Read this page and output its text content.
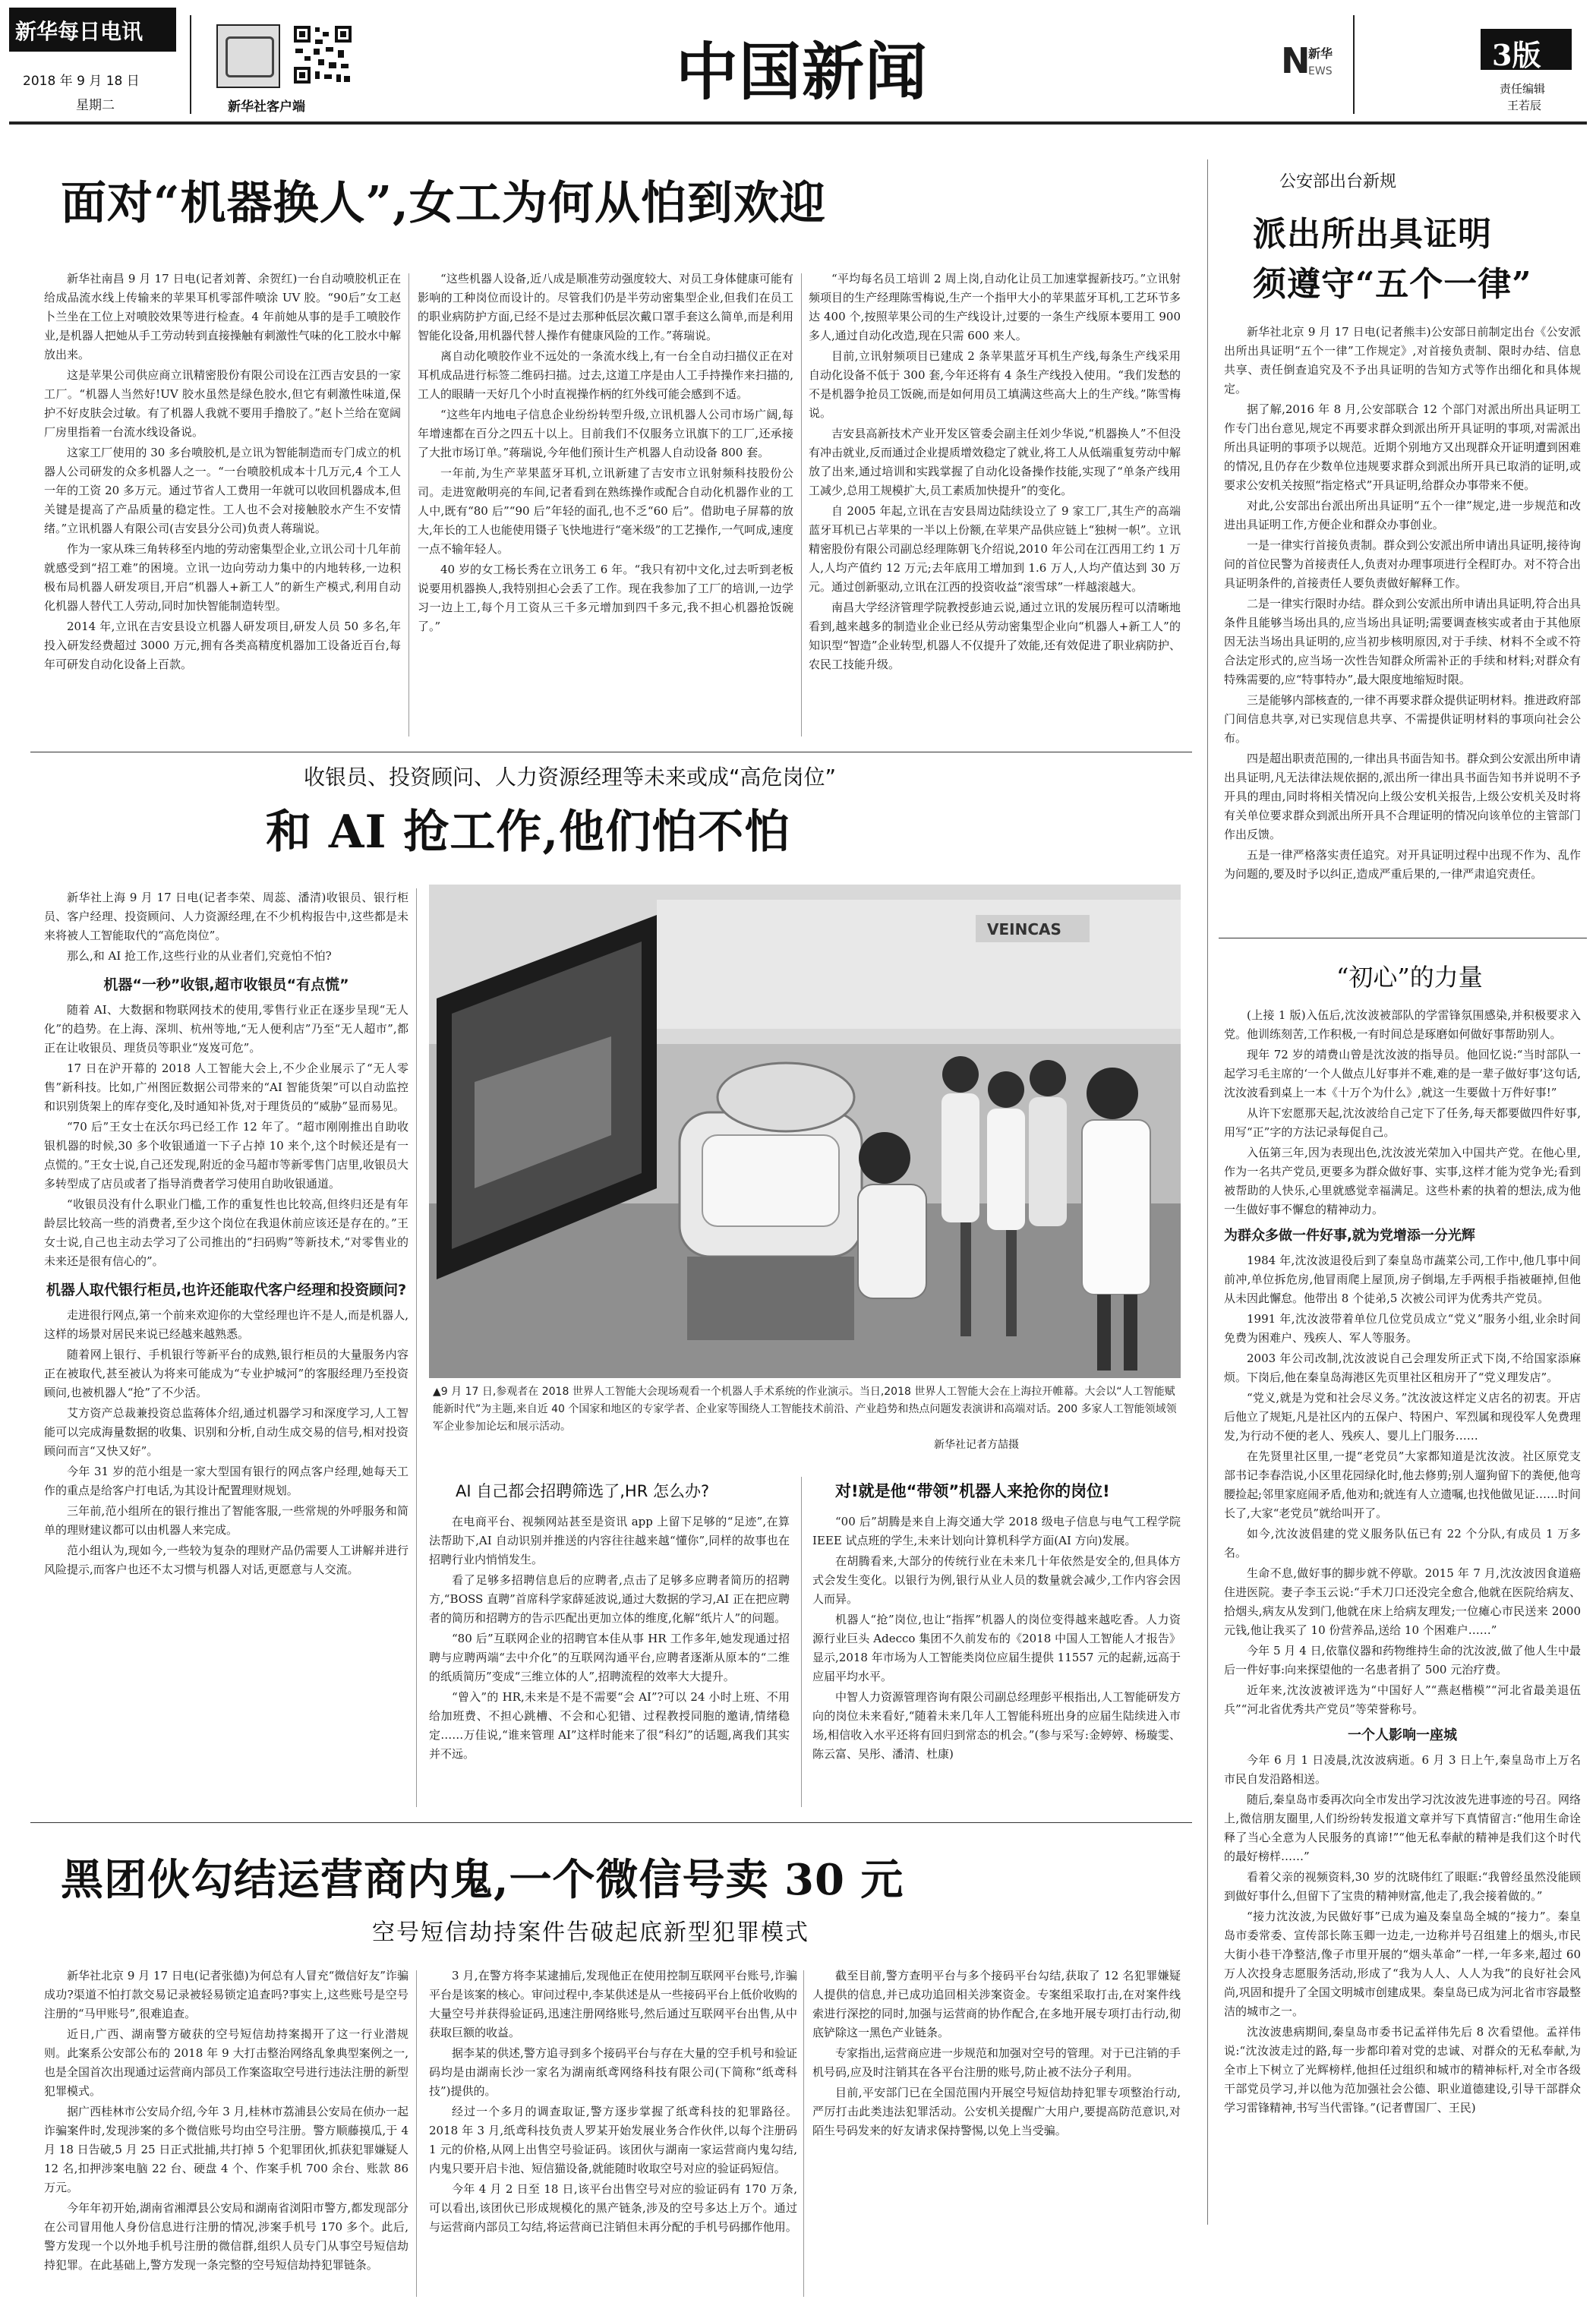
新华每日电讯
2018 年 9 月 18 日
星期二	新华社客户端	中国新闻	N
新华
EWS	3版
责任编辑
王若辰
面对“机器换人”,女工为何从怕到欢迎

新华社南昌 9 月 17 日电(记者刘菁、余贺红)一台自动喷胶机正在给成品流水线上传输来的苹果耳机零部件喷涂 UV 胶。“90后”女工赵卜兰坐在工位上对喷胶效果等进行检查。4 年前她从事的是手工喷胶作业,是机器人把她从手工劳动转到直接操触有刺激性气味的化工胶水中解放出来。

这是苹果公司供应商立讯精密股份有限公司设在江西吉安县的一家工厂。“机器人当然好!UV 胶水虽然是绿色胶水,但它有刺激性味道,保护不好皮肤会过敏。有了机器人我就不要用手撸胶了。”赵卜兰给在宽阔厂房里指着一台流水线设备说。

这家工厂使用的 30 多台喷胶机,是立讯为智能制造而专门成立的机器人公司研发的众多机器人之一。“一台喷胶机成本十几万元,4 个工人一年的工资 20 多万元。通过节省人工费用一年就可以收回机器成本,但关键是提高了产品质量的稳定性。工人也不会对接触胶水产生不安情绪。”立讯机器人有限公司(吉安县分公司)负责人蒋瑞说。

作为一家从珠三角转移至内地的劳动密集型企业,立讯公司十几年前就感受到“招工难”的困境。立讯一边向劳动力集中的内地转移,一边积极布局机器人研发项目,开启“机器人+新工人”的新生产模式,利用自动化机器人替代工人劳动,同时加快智能制造转型。

2014 年,立讯在吉安县设立机器人研发项目,研发人员 50 多名,年投入研发经费超过 3000 万元,拥有各类高精度机器加工设备近百台,每年可研发自动化设备上百款。

“这些机器人设备,近八成是顺准劳动强度较大、对员工身体健康可能有影响的工种岗位而设计的。尽管我们仍是半劳动密集型企业,但我们在员工的职业病防护方面,已经不是过去那种低层次戴口罩手套这么简单,而是利用智能化设备,用机器代替人操作有健康风险的工作。”蒋瑞说。

离自动化喷胶作业不远处的一条流水线上,有一台全自动扫描仪正在对耳机成品进行标签二维码扫描。过去,这道工序是由人工手持操作来扫描的,工人的眼睛一天好几个小时直视操作柄的红外线可能会感到不适。

“这些年内地电子信息企业纷纷转型升级,立讯机器人公司市场广阔,每年增速都在百分之四五十以上。目前我们不仅服务立讯旗下的工厂,还承接了大批市场订单。”蒋瑞说,今年他们预计生产机器人自动设备 800 套。

一年前,为生产苹果蓝牙耳机,立讯新建了吉安市立讯射频科技股份公司。走进宽敞明亮的车间,记者看到在熟练操作或配合自动化机器作业的工人中,既有“80 后”“90 后”年轻的面孔,也不乏“60 后”。借助电子屏幕的放大,年长的工人也能使用镊子飞快地进行“毫米级”的工艺操作,一气呵成,速度一点不输年轻人。

40 岁的女工杨长秀在立讯务工 6 年。“我只有初中文化,过去听到老板说要用机器换人,我特别担心会丢了工作。现在我参加了工厂的培训,一边学习一边上工,每个月工资从三千多元增加到四千多元,我不担心机器抢饭碗了。”

“平均每名员工培训 2 周上岗,自动化让员工加速掌握新技巧。”立讯射频项目的生产经理陈雪梅说,生产一个指甲大小的苹果蓝牙耳机,工艺环节多达 400 个,按照苹果公司的生产线设计,过要的一条生产线原本要用工 900 多人,通过自动化改造,现在只需 600 来人。

目前,立讯射频项目已建成 2 条苹果蓝牙耳机生产线,每条生产线采用自动化设备不低于 300 套,今年还将有 4 条生产线投入使用。“我们发愁的不是机器争抢员工饭碗,而是如何用员工填满这些高大上的生产线。”陈雪梅说。

吉安县高新技术产业开发区管委会副主任刘少华说,“机器换人”不但没有冲击就业,反而通过企业提质增效稳定了就业,将工人从低端重复劳动中解放了出来,通过培训和实践掌握了自动化设备操作技能,实现了“单条产线用工减少,总用工规模扩大,员工素质加快提升”的变化。

自 2005 年起,立讯在吉安县周边陆续设立了 9 家工厂,其生产的高端蓝牙耳机已占苹果的一半以上份额,在苹果产品供应链上“独树一帜”。立讯精密股份有限公司副总经理陈朝飞介绍说,2010 年公司在江西用工约 1 万人,人均产值约 12 万元;去年底用工增加到 1.6 万人,人均产值达到 30 万元。通过创新驱动,立讯在江西的投资收益“滚雪球”一样越滚越大。

南昌大学经济管理学院教授彭迪云说,通过立讯的发展历程可以清晰地看到,越来越多的制造业企业已经从劳动密集型企业向“机器人+新工人”的知识型“智造”企业转型,机器人不仅提升了效能,还有效促进了职业病防护、农民工技能升级。

收银员、投资顾问、人力资源经理等未来或成“高危岗位”
和 AI 抢工作,他们怕不怕

新华社上海 9 月 17 日电(记者李荣、周蕊、潘清)收银员、银行柜员、客户经理、投资顾问、人力资源经理,在不少机构报告中,这些都是未来将被人工智能取代的“高危岗位”。

那么,和 AI 抢工作,这些行业的从业者们,究竟怕不怕?

机器“一秒”收银,超市收银员“有点慌”

随着 AI、大数据和物联网技术的使用,零售行业正在逐步呈现“无人化”的趋势。在上海、深圳、杭州等地,“无人便利店”乃至“无人超市”,都正在让收银员、理货员等职业“岌岌可危”。

17 日在沪开幕的 2018 人工智能大会上,不少企业展示了“无人零售”新科技。比如,广州图匠数据公司带来的“AI 智能货架”可以自动监控和识别货架上的库存变化,及时通知补货,对于理货员的“威胁”显而易见。

“70 后”王女士在沃尔玛已经工作 12 年了。“超市刚刚推出自助收银机器的时候,30 多个收银通道一下子占掉 10 来个,这个时候还是有一点慌的。”王女士说,自己还发现,附近的金马超市等新零售门店里,收银员大多转型成了店员或者了指导消费者学习使用自助收银通道。

“收银员没有什么职业门槛,工作的重复性也比较高,但终归还是有年龄层比较高一些的消费者,至少这个岗位在我退休前应该还是存在的。”王女士说,自己也主动去学习了公司推出的“扫码购”等新技术,“对零售业的未来还是很有信心的”。

机器人取代银行柜员,也许还能取代客户经理和投资顾问?

走进很行网点,第一个前来欢迎你的大堂经理也许不是人,而是机器人,这样的场景对居民来说已经越来越熟悉。

随着网上银行、手机银行等新平台的成熟,银行柜员的大量服务内容正在被取代,甚至被认为将来可能成为“专业护城河”的客服经理乃至投资顾问,也被机器人“抢”了不少活。

艾方资产总裁兼投资总监蒋体介绍,通过机器学习和深度学习,人工智能可以完成海量数据的收集、识别和分析,自动生成交易的信号,相对投资顾问而言“又快又好”。

今年 31 岁的范小组是一家大型国有银行的网点客户经理,她每天工作的重点是给客户打电话,为其设计配置理财规划。

三年前,范小组所在的银行推出了智能客服,一些常规的外呼服务和简单的理财建议都可以由机器人来完成。

范小组认为,现如今,一些较为复杂的理财产品仍需要人工讲解并进行风险提示,而客户也还不太习惯与机器人对话,更愿意与人交流。

VEINCAS
▲9 月 17 日,参观者在 2018 世界人工智能大会现场观看一个机器人手术系统的作业演示。当日,2018 世界人工智能大会在上海拉开帷幕。大会以“人工智能赋能新时代”为主题,来自近 40 个国家和地区的专家学者、企业家等围绕人工智能技术前沿、产业趋势和热点问题发表演讲和高端对话。200 多家人工智能领域领军企业参加论坛和展示活动。
新华社记者方喆摄
AI 自己都会招聘筛选了,HR 怎么办?	对!就是他“带领”机器人来抢你的岗位!

在电商平台、视频网站甚至是资讯 app 上留下足够的“足迹”,在算法帮助下,AI 自动识别并推送的内容往往越来越“懂你”,同样的故事也在招聘行业内悄悄发生。

看了足够多招聘信息后的应聘者,点击了足够多应聘者简历的招聘方,“BOSS 直聘”首席科学家薛延波说,通过大数据的学习,AI 正在把应聘者的简历和招聘方的告示匹配出更加立体的维度,化解“纸片人”的问题。

“80 后”互联网企业的招聘官本佳从事 HR 工作多年,她发现通过招聘与应聘两端“去中介化”的互联网沟通平台,应聘者逐渐从原本的“二维的纸质简历”变成“三维立体的人”,招聘流程的效率大大提升。

“曾入”的 HR,未来是不是不需要“会 AI”?可以 24 小时上班、不用给加班费、不担心跳槽、不会和心犯错、过程教授同胞的邀请,情绪稳定……万佳说,“谁来管理 AI”这样时能来了很“科幻”的话题,离我们其实并不远。

“00 后”胡腾是来自上海交通大学 2018 级电子信息与电气工程学院 IEEE 试点班的学生,未来计划向计算机科学方面(AI 方向)发展。

在胡腾看来,大部分的传统行业在未来几十年依然是安全的,但具体方式会发生变化。以银行为例,银行从业人员的数量就会减少,工作内容会因人而异。

机器人“抢”岗位,也让“指挥”机器人的岗位变得越来越吃香。人力资源行业巨头 Adecco 集团不久前发布的《2018 中国人工智能人才报告》显示,2018 年市场为人工智能类岗位应届生提供 11557 元的起薪,远高于应届平均水平。

中智人力资源管理咨询有限公司副总经理彭平根指出,人工智能研发方向的岗位未来看好,“随着未来几年人工智能科班出身的应届生陆续进入市场,相信收入水平还将有回归到常态的机会。”(参与采写:金婷婷、杨璇雯、陈云富、吴彤、潘清、杜康)

黑团伙勾结运营商内鬼,一个微信号卖 30 元
空号短信劫持案件告破起底新型犯罪模式

新华社北京 9 月 17 日电(记者张德)为何总有人冒充“微信好友”诈骗成功?渠道不怕打款交易记录被轻易锁定追查吗?事实上,这些账号是空号注册的“马甲账号”,很难追查。

近日,广西、湖南警方破获的空号短信劫持案揭开了这一行业潜规则。此案系公安部公布的 2018 年 9 大打击整治网络乱象典型案例之一,也是全国首次出现通过运营商内部员工作案盗取空号进行违法注册的新型犯罪模式。

据广西桂林市公安局介绍,今年 3 月,桂林市荔浦县公安局在侦办一起诈骗案件时,发现涉案的多个微信账号均由空号注册。警方顺藤摸瓜,于 4 月 18 日告破,5 月 25 日正式批捕,共打掉 5 个犯罪团伙,抓获犯罪嫌疑人 12 名,扣押涉案电脑 22 台、硬盘 4 个、作案手机 700 余台、账款 86 万元。

今年年初开始,湖南省湘潭县公安局和湖南省浏阳市警方,都发现部分在公司冒用他人身份信息进行注册的情况,涉案手机号 170 多个。此后,警方发现一个以外地手机号注册的微信群,组织人员专门从事空号短信劫持犯罪。在此基础上,警方发现一条完整的空号短信劫持犯罪链条。

3 月,在警方将李某逮捕后,发现他正在使用控制互联网平台账号,诈骗平台是该案的核心。审问过程中,李某供述是从一些接码平台上低价收购的大量空号并获得验证码,迅速注册网络账号,然后通过互联网平台出售,从中获取巨额的收益。

据李某的供述,警方追寻到多个接码平台与存在大量的空手机号和验证码均是由湖南长沙一家名为湖南纸鸢网络科技有限公司(下简称“纸鸢科技”)提供的。

经过一个多月的调查取证,警方逐步掌握了纸鸢科技的犯罪路径。2018 年 3 月,纸鸢科技负责人罗某开始发展业务合作伙伴,以每个注册码 1 元的价格,从网上出售空号验证码。该团伙与湖南一家运营商内鬼勾结,内鬼只要开启卡池、短信猫设备,就能随时收取空号对应的验证码短信。

今年 4 月 2 日至 18 日,该平台出售空号对应的验证码有 170 万条,可以看出,该团伙已形成规模化的黑产链条,涉及的空号多达上万个。通过与运营商内部员工勾结,将运营商已注销但未再分配的手机号码挪作他用。

截至目前,警方查明平台与多个接码平台勾结,获取了 12 名犯罪嫌疑人提供的信息,并已成功追回相关涉案资金。专案组采取打击,在对案件线索进行深挖的同时,加强与运营商的协作配合,在多地开展专项打击行动,彻底铲除这一黑色产业链条。

专家指出,运营商应进一步规范和加强对空号的管理。对于已注销的手机号码,应及时注销其在各平台注册的账号,防止被不法分子利用。

目前,平安部门已在全国范围内开展空号短信劫持犯罪专项整治行动,严厉打击此类违法犯罪活动。公安机关提醒广大用户,要提高防范意识,对陌生号码发来的好友请求保持警惕,以免上当受骗。

公安部出台新规
派出所出具证明
须遵守“五个一律”

新华社北京 9 月 17 日电(记者熊丰)公安部日前制定出台《公安派出所出具证明“五个一律”工作规定》,对首接负责制、限时办结、信息共享、责任倒查追究及不予出具证明的告知方式等作出细化和具体规定。

据了解,2016 年 8 月,公安部联合 12 个部门对派出所出具证明工作专门出台意见,规定不再要求群众到派出所开具证明的事项,对需派出所出具证明的事项予以规范。近期个别地方又出现群众开证明遭到困难的情况,且仍存在少数单位违规要求群众到派出所开具已取消的证明,或要求公安机关按照“指定格式”开具证明,给群众办事带来不便。

对此,公安部出台派出所出具证明“五个一律”规定,进一步规范和改进出具证明工作,方便企业和群众办事创业。

一是一律实行首接负责制。群众到公安派出所申请出具证明,接待询问的首位民警为首接责任人,负责对办理事项进行全程盯办。对不符合出具证明条件的,首接责任人要负责做好解释工作。

二是一律实行限时办结。群众到公安派出所申请出具证明,符合出具条件且能够当场出具的,应当场出具证明;需要调查核实或者由于其他原因无法当场出具证明的,应当初步核明原因,对于手续、材料不全或不符合法定形式的,应当场一次性告知群众所需补正的手续和材料;对群众有特殊需要的,应“特事特办”,最大限度地缩短时限。

三是能够内部核查的,一律不再要求群众提供证明材料。推进政府部门间信息共享,对已实现信息共享、不需提供证明材料的事项向社会公布。

四是超出职责范围的,一律出具书面告知书。群众到公安派出所申请出具证明,凡无法律法规依据的,派出所一律出具书面告知书并说明不予开具的理由,同时将相关情况向上级公安机关报告,上级公安机关及时将有关单位要求群众到派出所开具不合理证明的情况向该单位的主管部门作出反馈。

五是一律严格落实责任追究。对开具证明过程中出现不作为、乱作为问题的,要及时予以纠正,造成严重后果的,一律严肃追究责任。

“初心”的力量

(上接 1 版)入伍后,沈汝波被部队的学雷锋氛围感染,并积极要求入党。他训练刻苦,工作积极,一有时间总是琢磨如何做好事帮助别人。

现年 72 岁的靖费山曾是沈汝波的指导员。他回忆说:“当时部队一起学习毛主席的‘一个人做点儿好事并不难,难的是一辈子做好事’这句话,沈汝波看到桌上一本《十万个为什么》,就这一生要做十万件好事!”

从许下宏愿那天起,沈汝波给自己定下了任务,每天都要做四件好事,用写“正”字的方法记录每促自己。

入伍第三年,因为表现出色,沈汝波光荣加入中国共产党。在他心里,作为一名共产党员,更要多为群众做好事、实事,这样才能为党争光;看到被帮助的人快乐,心里就感觉幸福满足。这些朴素的执着的想法,成为他一生做好事不懈怠的精神动力。

为群众多做一件好事,就为党增添一分光辉

1984 年,沈汝波退役后到了秦皇岛市蔬菜公司,工作中,他几事中间前冲,单位拆危房,他冒雨爬上屋顶,房子倒塌,左手两根手指被砸掉,但他从未因此懈怠。他带出 8 个徒弟,5 次被公司评为优秀共产党员。

1991 年,沈汝波带着单位几位党员成立“党义”服务小组,业余时间免费为困难户、残疾人、军人等服务。

2003 年公司改制,沈汝波说自己会理发所正式下岗,不给国家添麻烦。下岗后,他在秦皇岛海港区先页里社区租房开了“党义理发店”。

“党义,就是为党和社会尽义务。”沈汝波这样定义店名的初衷。开店后他立了规矩,凡是社区内的五保户、特困户、军烈属和现役军人免费理发,为行动不便的老人、残疾人、婴儿上门服务……

在先贤里社区里,一提“老党员”大家都知道是沈汝波。社区原党支部书记李春浩说,小区里花园绿化时,他去修剪;别人遛狗留下的粪便,他弯腰捡起;邻里家庭闹矛盾,他劝和;就连有人立遗嘱,也找他做见证……时间长了,大家“老党员”就给叫开了。

如今,沈汝波倡建的党义服务队伍已有 22 个分队,有成员 1 万多名。

生命不息,做好事的脚步就不停歇。2015 年 7 月,沈汝波因食道癌住进医院。妻子李玉云说:“手术刀口还没完全愈合,他就在医院给病友、拾烟头,病友从发到门,他就在床上给病友理发;一位瘫心市民送来 2000 元钱,他让我买了 10 份营养品,送给 10 个困难户……”

今年 5 月 4 日,依靠仪器和药物维持生命的沈汝波,做了他人生中最后一件好事:向来探望他的一名患者捐了 500 元治疗费。

近年来,沈汝波被评选为“中国好人”“燕赵楷模”“河北省最美退伍兵”“河北省优秀共产党员”等荣誉称号。

一个人影响一座城

今年 6 月 1 日凌晨,沈汝波病逝。6 月 3 日上午,秦皇岛市上万名市民自发沿路相送。

随后,秦皇岛市委再次向全市发出学习沈汝波先进事迹的号召。网络上,微信朋友圈里,人们纷纷转发报道文章并写下真情留言:“他用生命诠释了当心全意为人民服务的真谛!”“他无私奉献的精神是我们这个时代的最好榜样……”

看着父亲的视频资料,30 岁的沈晓伟红了眼眶:“我曾经虽然没能顾到做好事什么,但留下了宝贵的精神财富,他走了,我会接着做的。”

“接力沈汝波,为民做好事”已成为遍及秦皇岛全城的“接力”。秦皇岛市委常委、宣传部长陈玉卿一边走,一边称并号召组建上的烟头,市民大街小巷干净整洁,像子市里开展的“烟头革命”一样,一年多来,超过 60 万人次投身志愿服务活动,形成了“我为人人、人人为我”的良好社会风尚,巩固和提升了全国文明城市创建成果。秦皇岛已成为河北省市容最整洁的城市之一。

沈汝波患病期间,秦皇岛市委书记孟祥伟先后 8 次看望他。孟祥伟说:“沈汝波走过的路,每一步都印着对党的忠诚、对群众的无私奉献,为全市上下树立了光辉榜样,他担任过组织和城市的精神标杆,对全市各级干部党员学习,并以他为范加强社会公德、职业道德建设,引导干部群众学习雷锋精神,书写当代雷锋。”(记者曹国厂、王民)
